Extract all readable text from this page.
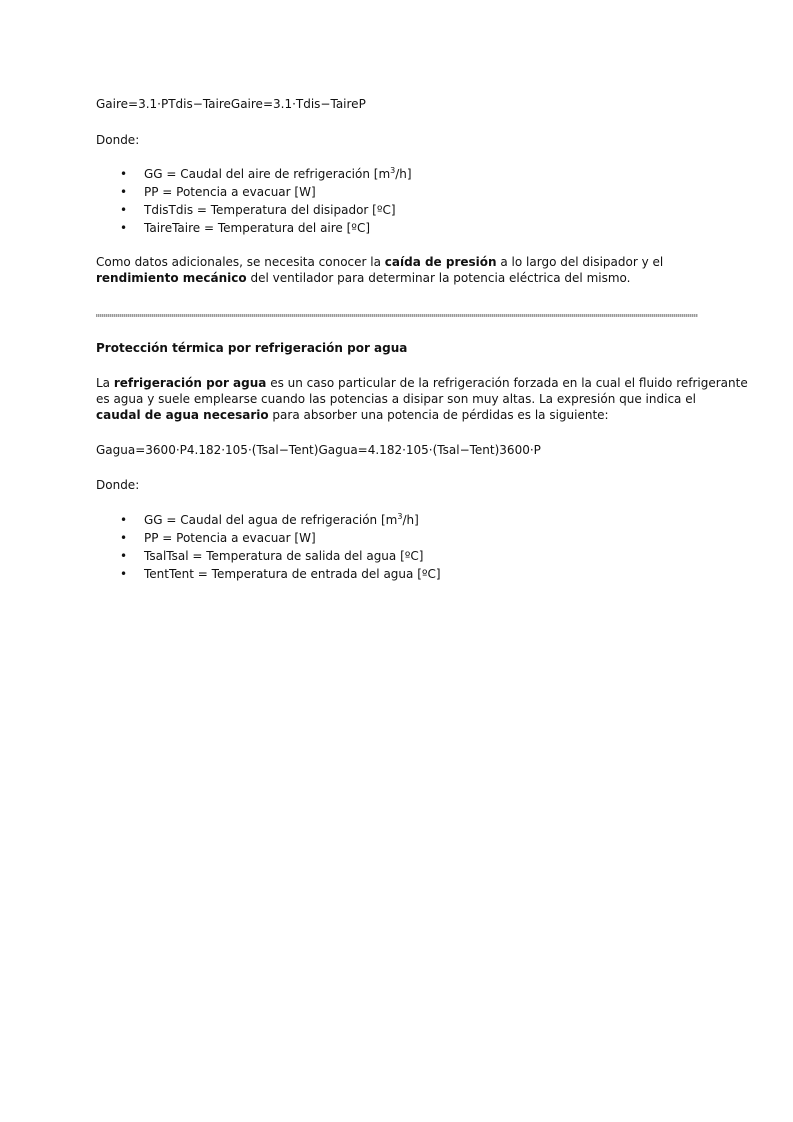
Gaire=3.1·PTdis−TaireGaire=3.1·Tdis−TaireP
Donde:
• GG = Caudal del aire de refrigeración $[m^3/h]$
• PP = Potencia a evacuar [W]
• TdisTdis = Temperatura del disipador [ºC]
• TaireTaire = Temperatura del aire [ºC]
Como datos adicionales, se necesita conocer la caída de presión a lo largo del disipador y el
rendimiento mecánico del ventilador para determinar la potencia eléctrica del mismo.
Protección térmica por refrigeración por agua
La refrigeración por agua es un caso particular de la refrigeración forzada en la cual el fluido refrigerante
es agua y suele emplearse cuando las potencias a disipar son muy altas. La expresión que indica el
caudal de agua necesario para absorber una potencia de pérdidas es la siguiente:
Gagua=3600·P4.182·105·(Tsal−Tent)Gagua=4.182·105·(Tsal−Tent)3600·P
Donde:
• GG = Caudal del agua de refrigeración $[m^3/h]$
• PP = Potencia a evacuar [W]
• TsalTsal = Temperatura de salida del agua [ºC]
• TentTent = Temperatura de entrada del agua [ºC]
